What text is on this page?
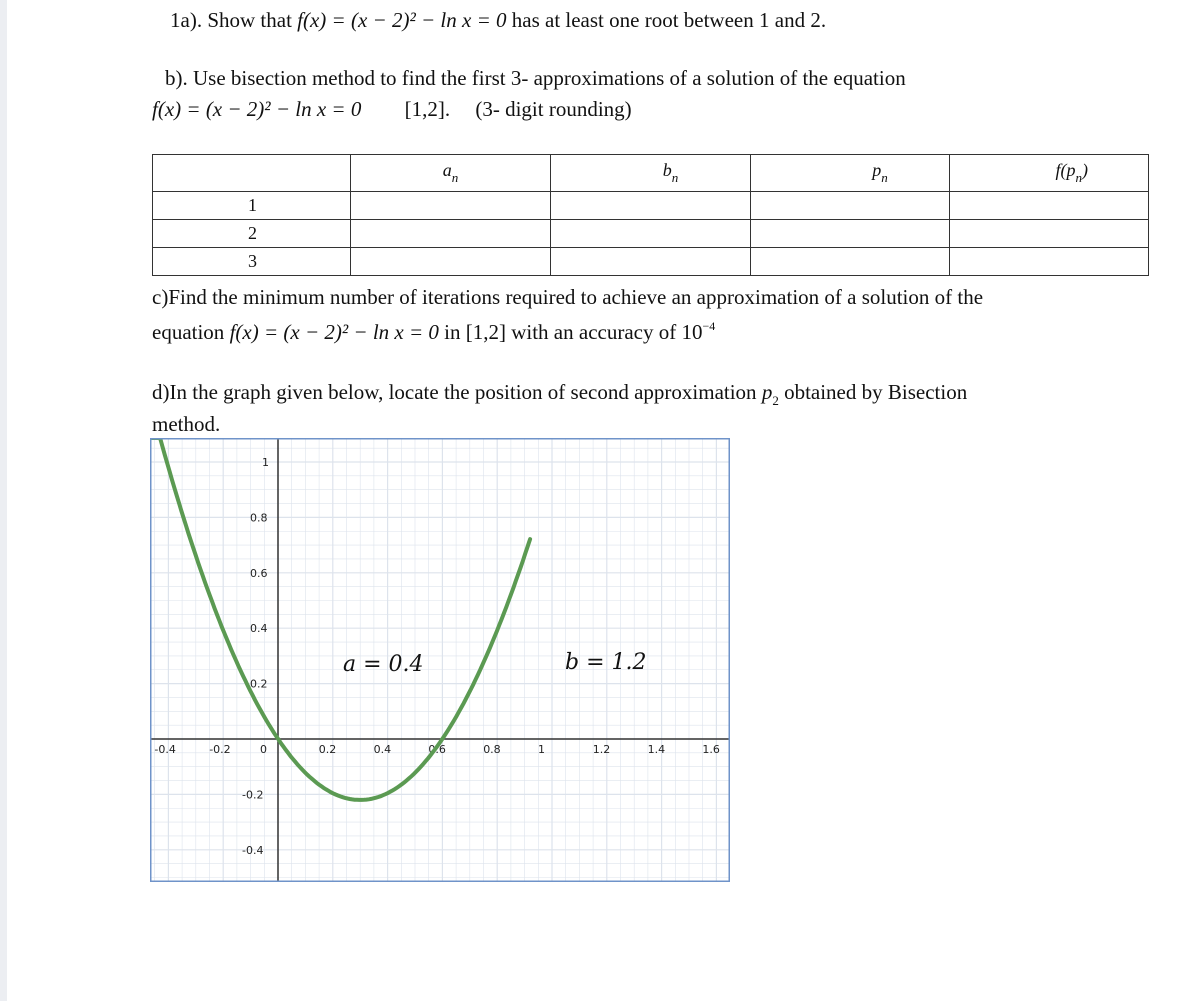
1a). Show that f(x) = (x − 2)² − ln x = 0 has at least one root between 1 and 2.
b). Use bisection method to find the first 3- approximations of a solution of the equation
f(x) = (x − 2)² − ln x = 0 [1,2]. (3- digit rounding)
	$a_n$	$b_n$	$p_n$	$f(p_n)$
1				
2				
3				
c)Find the minimum number of iterations required to achieve an approximation of a solution of the
equation f(x) = (x − 2)² − ln x = 0 in [1,2] with an accuracy of $10^{-4}$
d)In the graph given below, locate the position of second approximation $p_2$ obtained by Bisection
method.
-0.4	-0.2	0	0.2	0.4	0.6	0.8	1	1.2	1.4	1.6
1
0.8
0.6
0.4
0.2
-0.2
-0.4
a = 0.4	b = 1.2
